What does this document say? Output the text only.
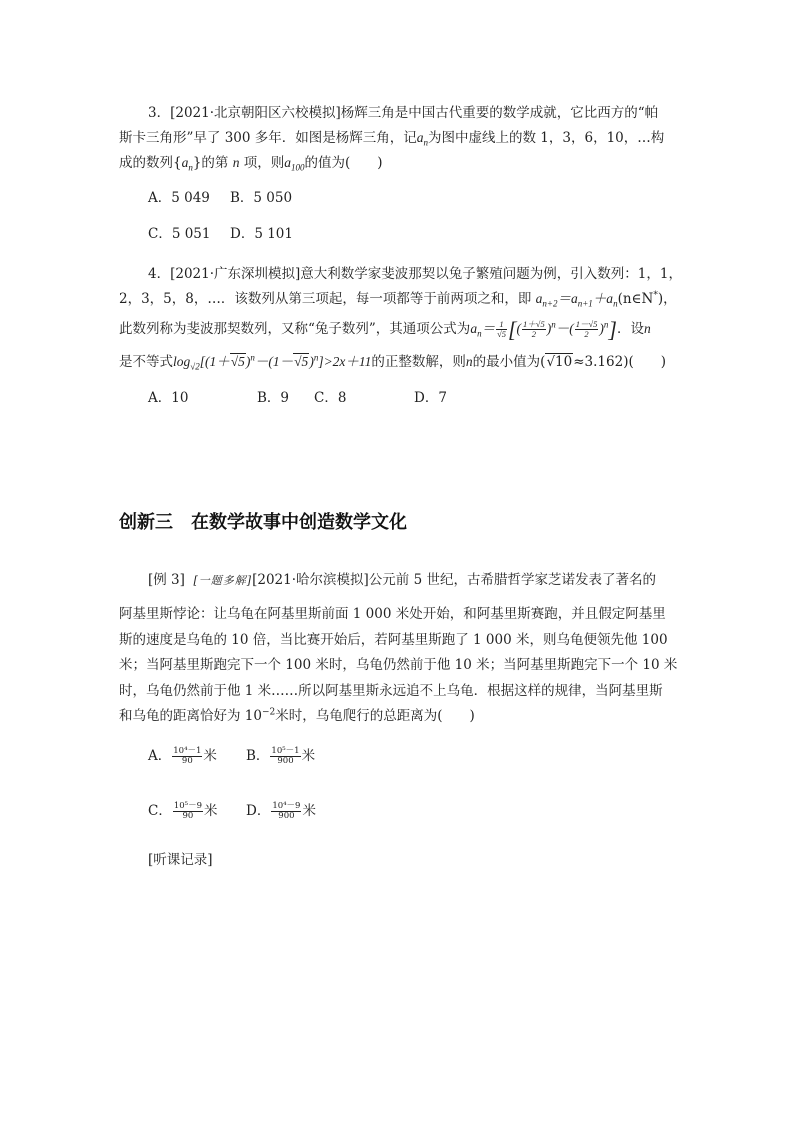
3．[2021·北京朝阳区六校模拟]杨辉三角是中国古代重要的数学成就，它比西方的“帕
斯卡三角形”早了 300 多年．如图是杨辉三角，记$a_n$为图中虚线上的数 1，3，6，10，…构
成的数列$\{a_n\}$的第 n 项，则$a_{100}$的值为(　　)
A．5 049 B．5 050
C．5 051 D．5 101
4．[2021·广东深圳模拟]意大利数学家斐波那契以兔子繁殖问题为例，引入数列：1，1，
2，3，5，8，…．该数列从第三项起，每一项都等于前两项之和，即 $a_{n+2}=a_{n+1}+a_n(n\in N^*)$，
此数列称为斐波那契数列，又称“兔子数列”，其通项公式为$a_n= \frac{1}{√5}$ [( $\frac{1+√5}{2} )^n-( \frac{1-√5}{2} )^n$]．设n
是不等式$\log_{√2}[(1+√5)^n-(1-√5)^n]>2x+11$的正整数解，则n的最小值为(√10≈3.162)(　　)
A．10	B．9 C．8	D．7
创新三　在数学故事中创造数学文化
[例 3] [一题多解][2021·哈尔滨模拟]公元前 5 世纪，古希腊哲学家芝诺发表了著名的
阿基里斯悖论：让乌龟在阿基里斯前面 1 000 米处开始，和阿基里斯赛跑，并且假定阿基里
斯的速度是乌龟的 10 倍，当比赛开始后，若阿基里斯跑了 1 000 米，则乌龟便领先他 100
米；当阿基里斯跑完下一个 100 米时，乌龟仍然前于他 10 米；当阿基里斯跑完下一个 10 米
时，乌龟仍然前于他 1 米……所以阿基里斯永远追不上乌龟．根据这样的规律，当阿基里斯
和乌龟的距离恰好为 $10^{-2}$米时，乌龟爬行的总距离为(　　)
A． $\frac{\text{10⁴－1}}{90}$ 米 B． $\frac{\text{10⁵－1}}{900}$ 米
C． $\frac{\text{10⁵－9}}{90}$ 米 D． $\frac{\text{10⁴－9}}{900}$ 米
[听课记录]
